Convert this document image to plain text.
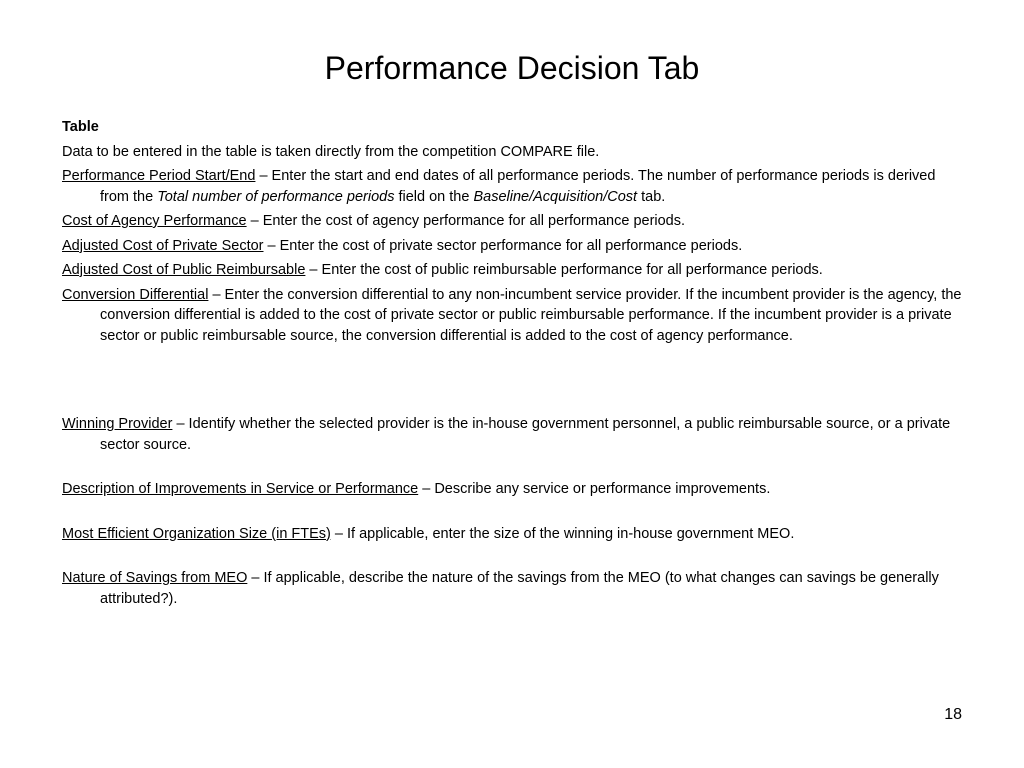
Performance Decision Tab

Table

Data to be entered in the table is taken directly from the competition COMPARE file.

Performance Period Start/End – Enter the start and end dates of all performance periods. The number of performance periods is derived from the Total number of performance periods field on the Baseline/Acquisition/Cost tab.

Cost of Agency Performance – Enter the cost of agency performance for all performance periods.

Adjusted Cost of Private Sector – Enter the cost of private sector performance for all performance periods.

Adjusted Cost of Public Reimbursable – Enter the cost of public reimbursable performance for all performance periods.

Conversion Differential – Enter the conversion differential to any non-incumbent service provider. If the incumbent provider is the agency, the conversion differential is added to the cost of private sector or public reimbursable performance. If the incumbent provider is a private sector or public reimbursable source, the conversion differential is added to the cost of agency performance.

Winning Provider – Identify whether the selected provider is the in-house government personnel, a public reimbursable source, or a private sector source.

Description of Improvements in Service or Performance – Describe any service or performance improvements.

Most Efficient Organization Size (in FTEs) – If applicable, enter the size of the winning in-house government MEO.

Nature of Savings from MEO – If applicable, describe the nature of the savings from the MEO (to what changes can savings be generally attributed?).

18
